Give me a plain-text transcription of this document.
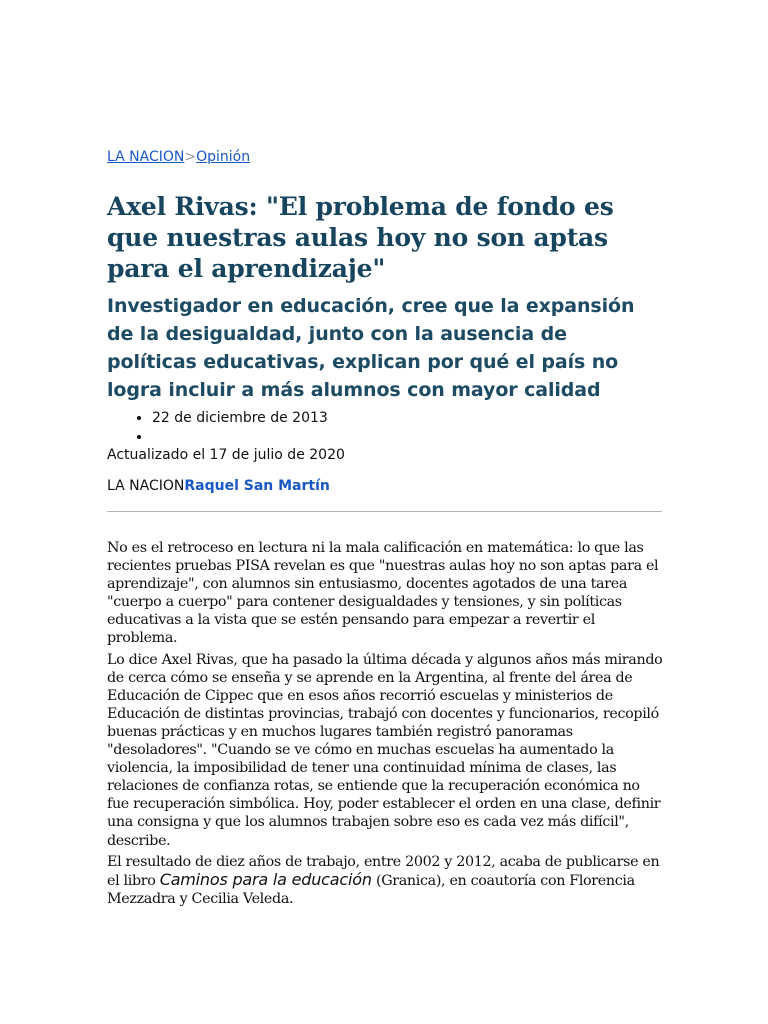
LA NACION>Opinión
Axel Rivas: "El problema de fondo es que nuestras aulas hoy no son aptas para el aprendizaje"
Investigador en educación, cree que la expansión de la desigualdad, junto con la ausencia de políticas educativas, explican por qué el país no logra incluir a más alumnos con mayor calidad
• 22 de diciembre de 2013
•
Actualizado el 17 de julio de 2020
LA NACIONRaquel San Martín

No es el retroceso en lectura ni la mala calificación en matemática: lo que las recientes pruebas PISA revelan es que "nuestras aulas hoy no son aptas para el aprendizaje", con alumnos sin entusiasmo, docentes agotados de una tarea "cuerpo a cuerpo" para contener desigualdades y tensiones, y sin políticas educativas a la vista que se estén pensando para empezar a revertir el problema.

Lo dice Axel Rivas, que ha pasado la última década y algunos años más mirando de cerca cómo se enseña y se aprende en la Argentina, al frente del área de Educación de Cippec que en esos años recorrió escuelas y ministerios de Educación de distintas provincias, trabajó con docentes y funcionarios, recopiló buenas prácticas y en muchos lugares también registró panoramas "desoladores". "Cuando se ve cómo en muchas escuelas ha aumentado la violencia, la imposibilidad de tener una continuidad mínima de clases, las relaciones de confianza rotas, se entiende que la recuperación económica no fue recuperación simbólica. Hoy, poder establecer el orden en una clase, definir una consigna y que los alumnos trabajen sobre eso es cada vez más difícil", describe.

El resultado de diez años de trabajo, entre 2002 y 2012, acaba de publicarse en el libro Caminos para la educación (Granica), en coautoría con Florencia Mezzadra y Cecilia Veleda.
